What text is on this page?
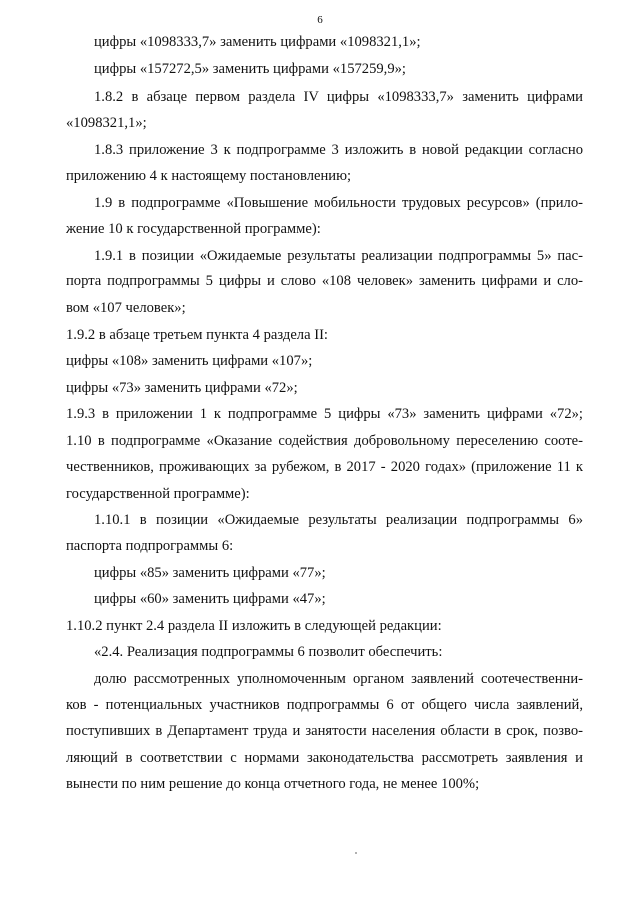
6
цифры «1098333,7» заменить цифрами «1098321,1»;
цифры «157272,5» заменить цифрами «157259,9»;
1.8.2 в абзаце первом раздела IV цифры «1098333,7» заменить цифрами
«1098321,1»;
1.8.3 приложение 3 к подпрограмме 3 изложить в новой редакции согласно
приложению 4 к настоящему постановлению;
1.9 в подпрограмме «Повышение мобильности трудовых ресурсов» (прило-
жение 10 к государственной программе):
1.9.1 в позиции «Ожидаемые результаты реализации подпрограммы 5» пас-
порта подпрограммы 5 цифры и слово «108 человек» заменить цифрами и сло-
вом «107 человек»;
1.9.2 в абзаце третьем пункта 4 раздела II:
цифры «108» заменить цифрами «107»;
цифры «73» заменить цифрами «72»;
1.9.3 в приложении 1 к подпрограмме 5 цифры «73» заменить цифрами «72»;
1.10 в подпрограмме «Оказание содействия добровольному переселению сооте-
чественников, проживающих за рубежом, в 2017 - 2020 годах» (приложение 11 к
государственной программе):
1.10.1 в позиции «Ожидаемые результаты реализации подпрограммы 6»
паспорта подпрограммы 6:
цифры «85» заменить цифрами «77»;
цифры «60» заменить цифрами «47»;
1.10.2 пункт 2.4 раздела II изложить в следующей редакции:
«2.4. Реализация подпрограммы 6 позволит обеспечить:
долю рассмотренных уполномоченным органом заявлений соотечественни-
ков - потенциальных участников подпрограммы 6 от общего числа заявлений,
поступивших в Департамент труда и занятости населения области в срок, позво-
ляющий в соответствии с нормами законодательства рассмотреть заявления и
вынести по ним решение до конца отчетного года, не менее 100%;
